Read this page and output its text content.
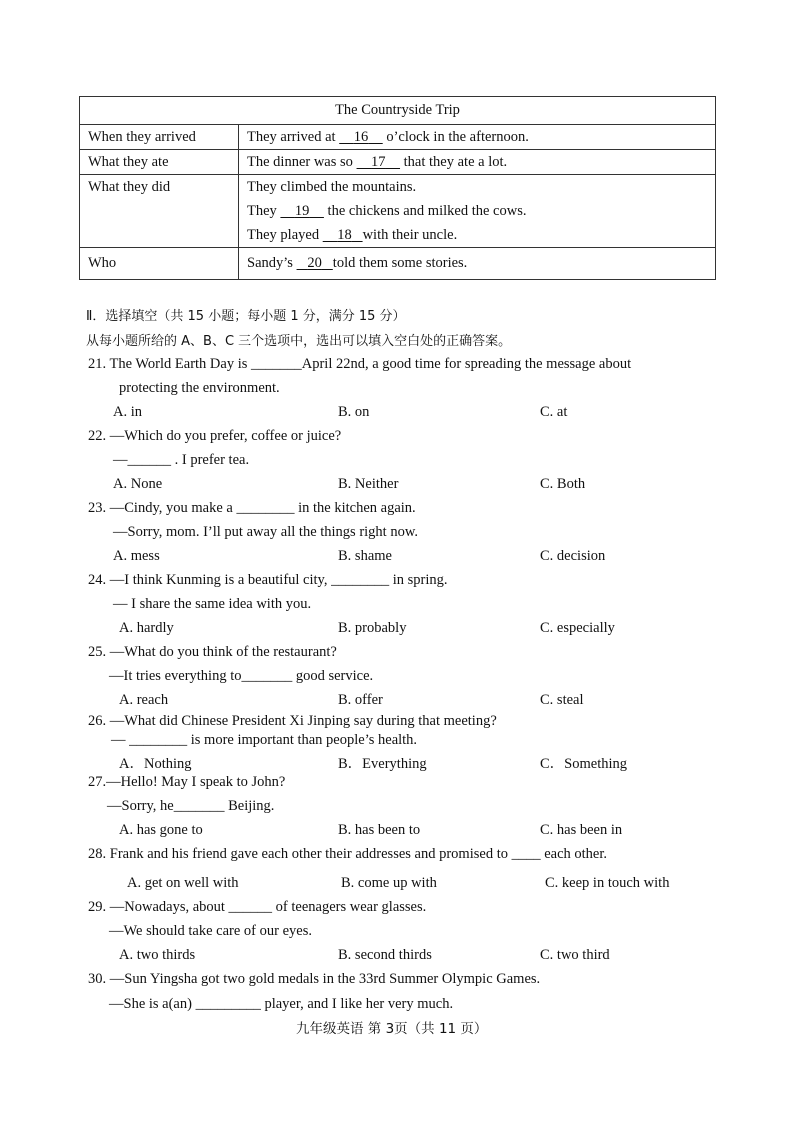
The Countryside Trip	
When they arrived	They arrived at     16     o’clock in the afternoon.
What they ate	The dinner was so     17     that they ate a lot.
What they did	They climbed the mountains.
They     19     the chickens and milked the cows.
They played     18 with their uncle.

Who	Sandy’s    20 told them some stories.
Ⅱ．选择填空（共 15 小题；每小题 1 分，满分 15 分）
从每小题所给的 A、B、C 三个选项中，选出可以填入空白处的正确答案。
21. The World Earth Day is _______April 22nd, a good time for spreading the message about
protecting the environment.
A. in	B. on	C. at
22. —Which do you prefer, coffee or juice?
—______ . I prefer tea.
A. None	B. Neither	C. Both
23. —Cindy, you make a ________ in the kitchen again.
—Sorry, mom. I’ll put away all the things right now.
A. mess	B. shame	C. decision
24. —I think Kunming is a beautiful city, ________ in spring.
— I share the same idea with you.
A. hardly	B. probably	C. especially
25. —What do you think of the restaurant?
—It tries everything to_______ good service.
A. reach	B. offer	C. steal
26. —What did Chinese President Xi Jinping say during that meeting?
— ________ is more important than people’s health.
A．Nothing	B．Everything	C．Something
27.—Hello! May I speak to John?
—Sorry, he_______ Beijing.
A. has gone to	B. has been to	C. has been in
28. Frank and his friend gave each other their addresses and promised to ____ each other.
A. get on well with	B. come up with	C. keep in touch with
29. —Nowadays, about ______ of teenagers wear glasses.
—We should take care of our eyes.
A. two thirds	B. second thirds	C. two third
30. —Sun Yingsha got two gold medals in the 33rd Summer Olympic Games.
—She is a(an) _________ player, and I like her very much.
九年级英语 第 3页（共 11 页）
